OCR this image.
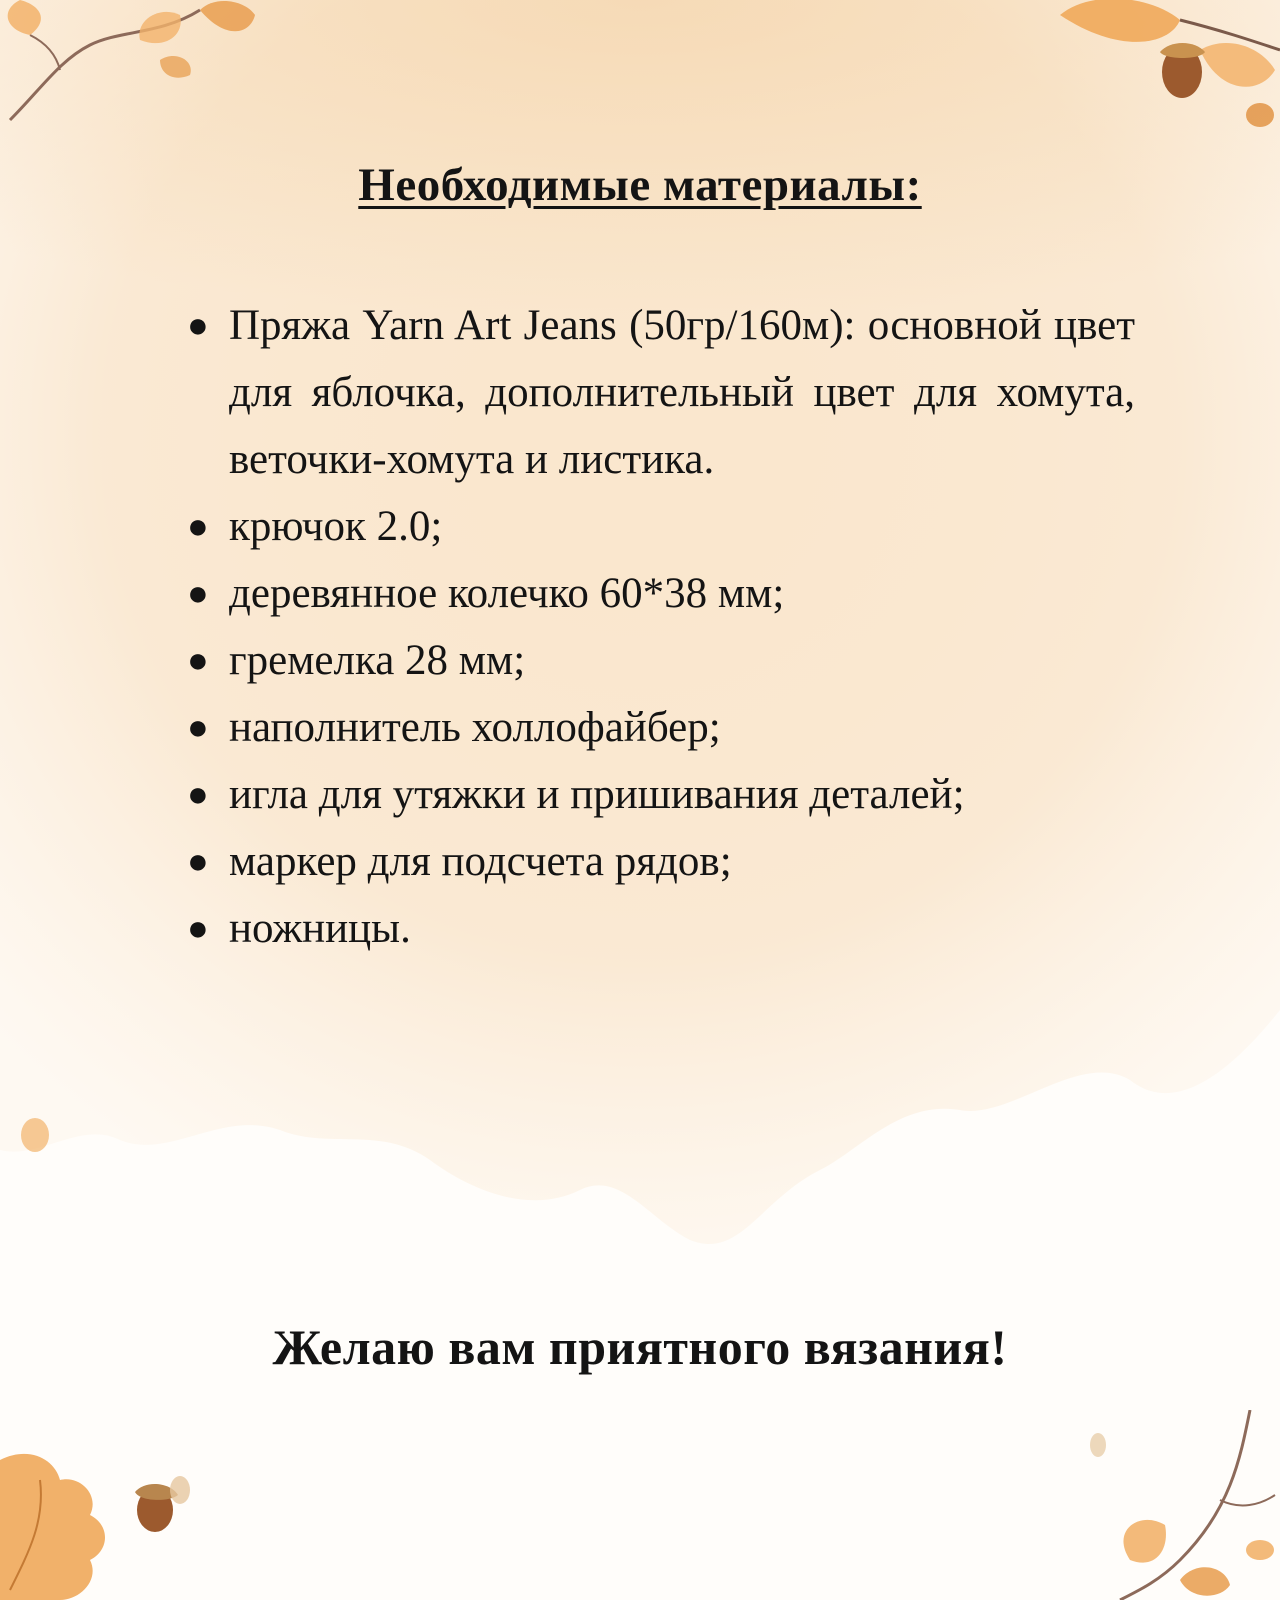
Необходимые материалы:
● Пряжа Yarn Art Jeans (50гр/160м): основной цвет для яблочка, дополнительный цвет для хомута, веточки-хомута и листика.
● крючок 2.0;
● деревянное колечко 60*38 мм;
● гремелка 28 мм;
● наполнитель холлофайбер;
● игла для утяжки и пришивания деталей;
● маркер для подсчета рядов;
● ножницы.

Желаю вам приятного вязания!
